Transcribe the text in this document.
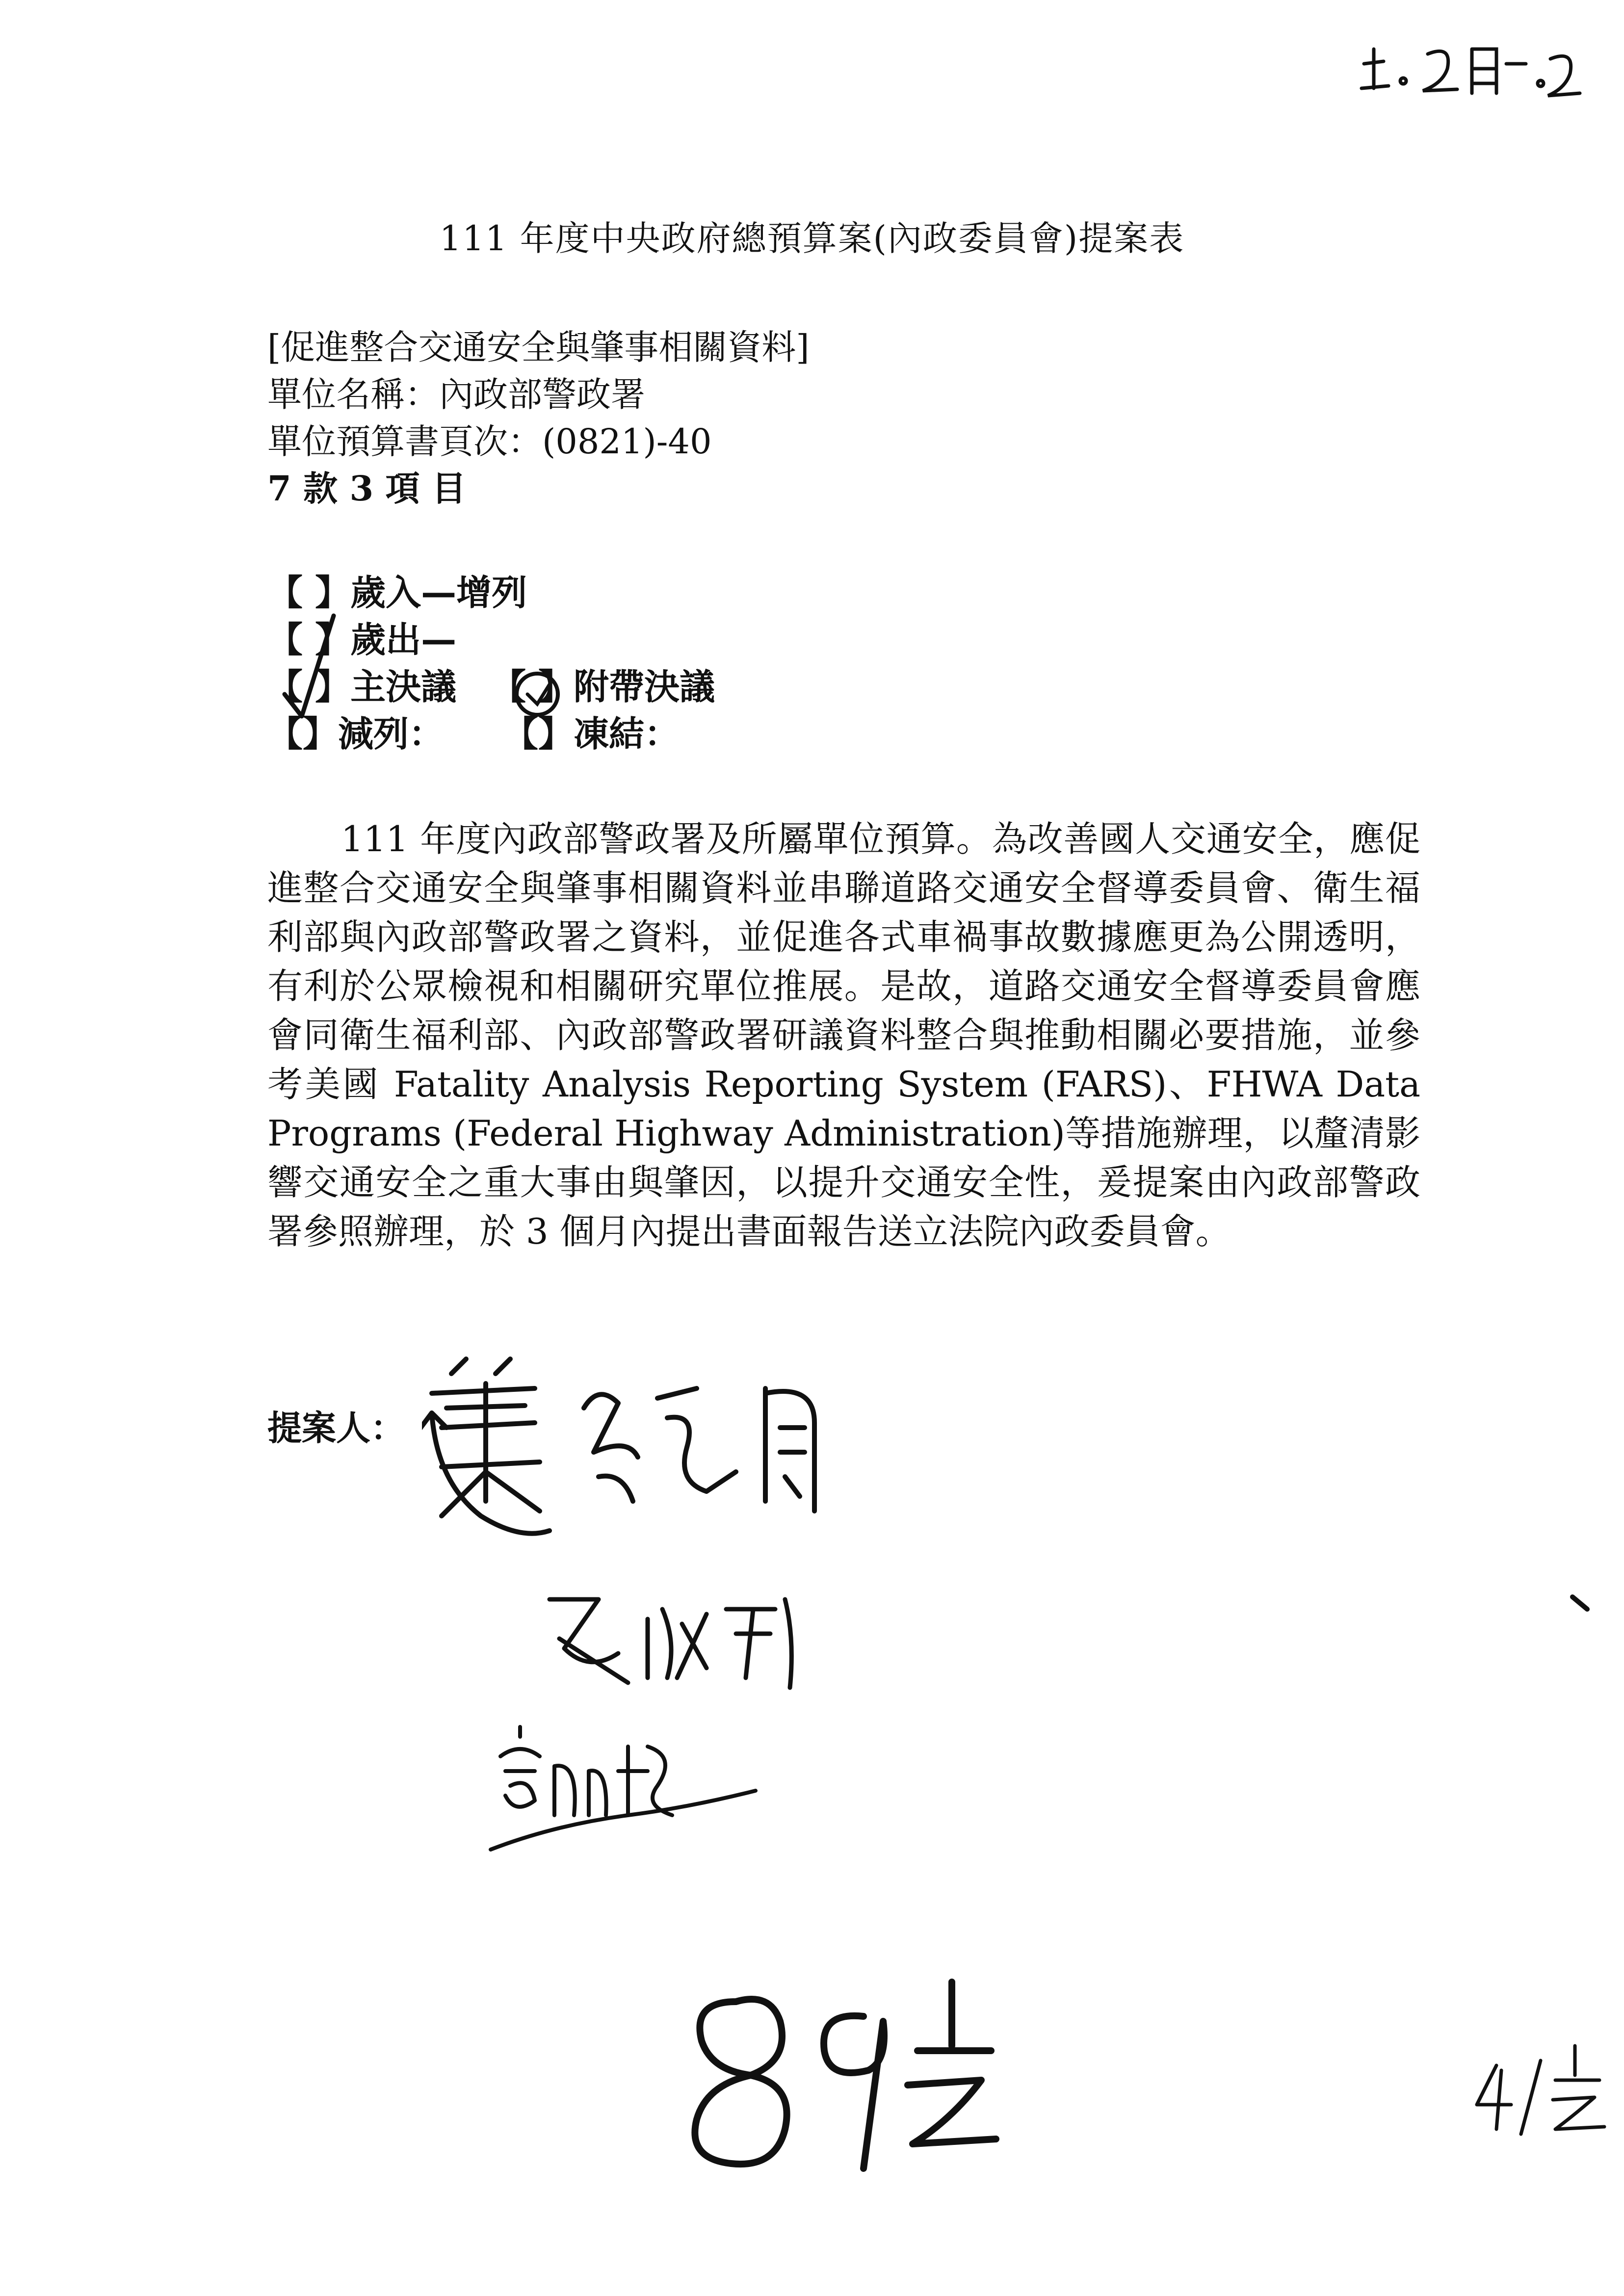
111 年度中央政府總預算案(內政委員會)提案表
[促進整合交通安全與肇事相關資料]
單位名稱：內政部警政署
單位預算書頁次：(0821)-40
7 款 3 項 目
【 】歲入—增列
【 】歲出—
【 】主決議 【 】附帶決議
【】減列： 【】凍結：
111 年度內政部警政署及所屬單位預算。為改善國人交通安全，應促進整合交通安全與肇事相關資料並串聯道路交通安全督導委員會、衛生福利部與內政部警政署之資料，並促進各式車禍事故數據應更為公開透明，有利於公眾檢視和相關研究單位推展。是故，道路交通安全督導委員會應會同衛生福利部、內政部警政署研議資料整合與推動相關必要措施，並參考美國 Fatality Analysis Reporting System (FARS)、FHWA Data Programs (Federal Highway Administration)等措施辦理，以釐清影響交通安全之重大事由與肇因，以提升交通安全性，爰提案由內政部警政署參照辦理，於 3 個月內提出書面報告送立法院內政委員會。
提案人：
